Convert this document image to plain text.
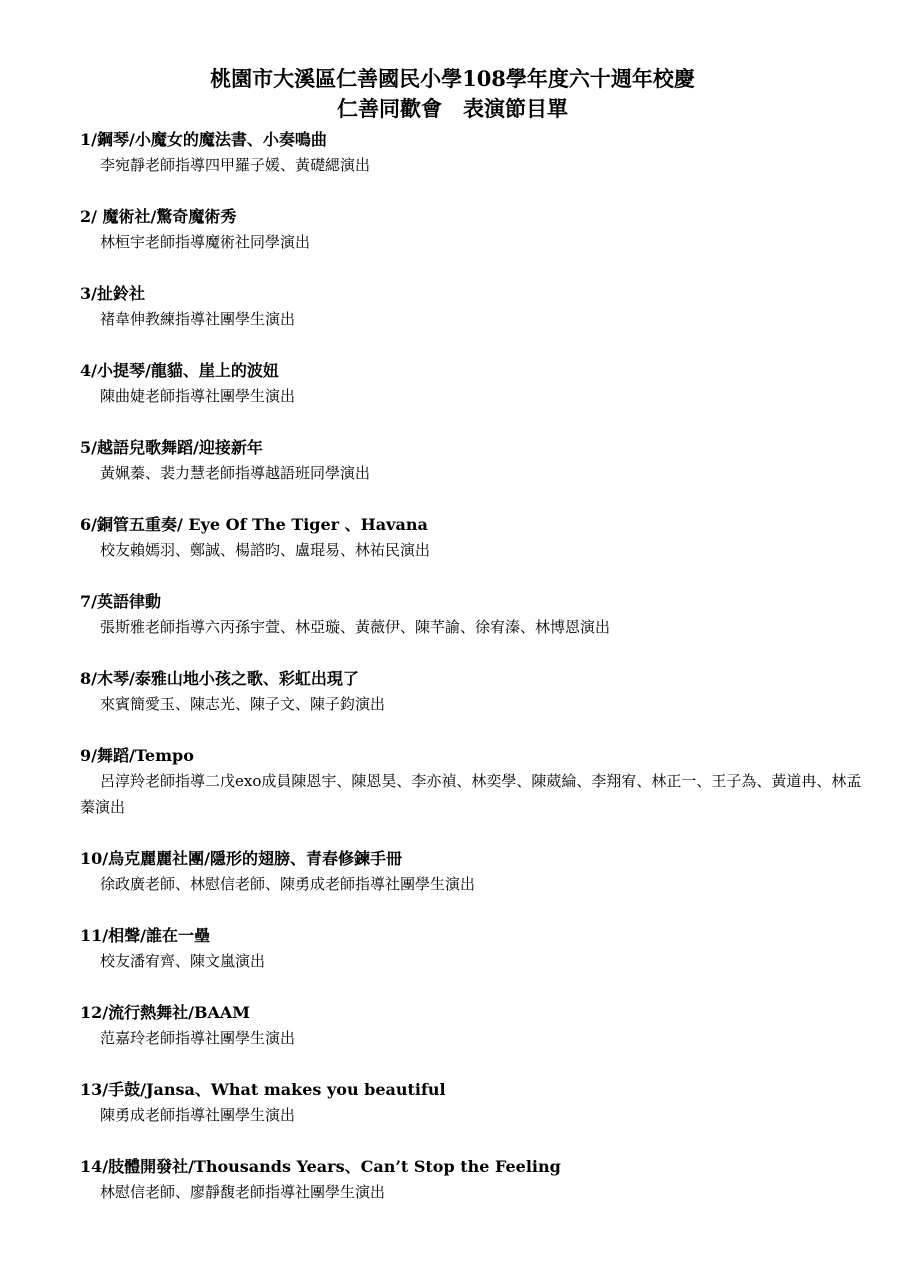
桃園市大溪區仁善國民小學108學年度六十週年校慶
仁善同歡會　表演節目單
1/鋼琴/小魔女的魔法書、小奏鳴曲
李宛靜老師指導四甲羅子媛、黃礎緦演出
2/ 魔術社/驚奇魔術秀
林桓宇老師指導魔術社同學演出
3/扯鈴社
褚韋伸教練指導社團學生演出
4/小提琴/龍貓、崖上的波妞
陳曲婕老師指導社團學生演出
5/越語兒歌舞蹈/迎接新年
黃姵蓁、裴力慧老師指導越語班同學演出
6/銅管五重奏/ Eye Of The Tiger 、Havana
校友賴嫣羽、鄭誠、楊諮昀、盧琨易、林祐民演出
7/英語律動
張斯雅老師指導六丙孫宇萱、林亞璇、黃薇伊、陳芊諭、徐宥溱、林博恩演出
8/木琴/泰雅山地小孩之歌、彩虹出現了
來賓簡愛玉、陳志光、陳子文、陳子鈞演出
9/舞蹈/Tempo
呂淳羚老師指導二戊exo成員陳恩宇、陳恩昊、李亦禎、林奕學、陳葳綸、李翔宥、林正一、王子為、黃道冉、林孟蓁演出
10/烏克麗麗社團/隱形的翅膀、青春修鍊手冊
徐政廣老師、林慰信老師、陳勇成老師指導社團學生演出
11/相聲/誰在一壘
校友潘宥齊、陳文嵐演出
12/流行熱舞社/BAAM
范嘉玲老師指導社團學生演出
13/手鼓/Jansa、What makes you beautiful
陳勇成老師指導社團學生演出
14/肢體開發社/Thousands Years、Can’t Stop the Feeling
林慰信老師、廖靜馥老師指導社團學生演出
